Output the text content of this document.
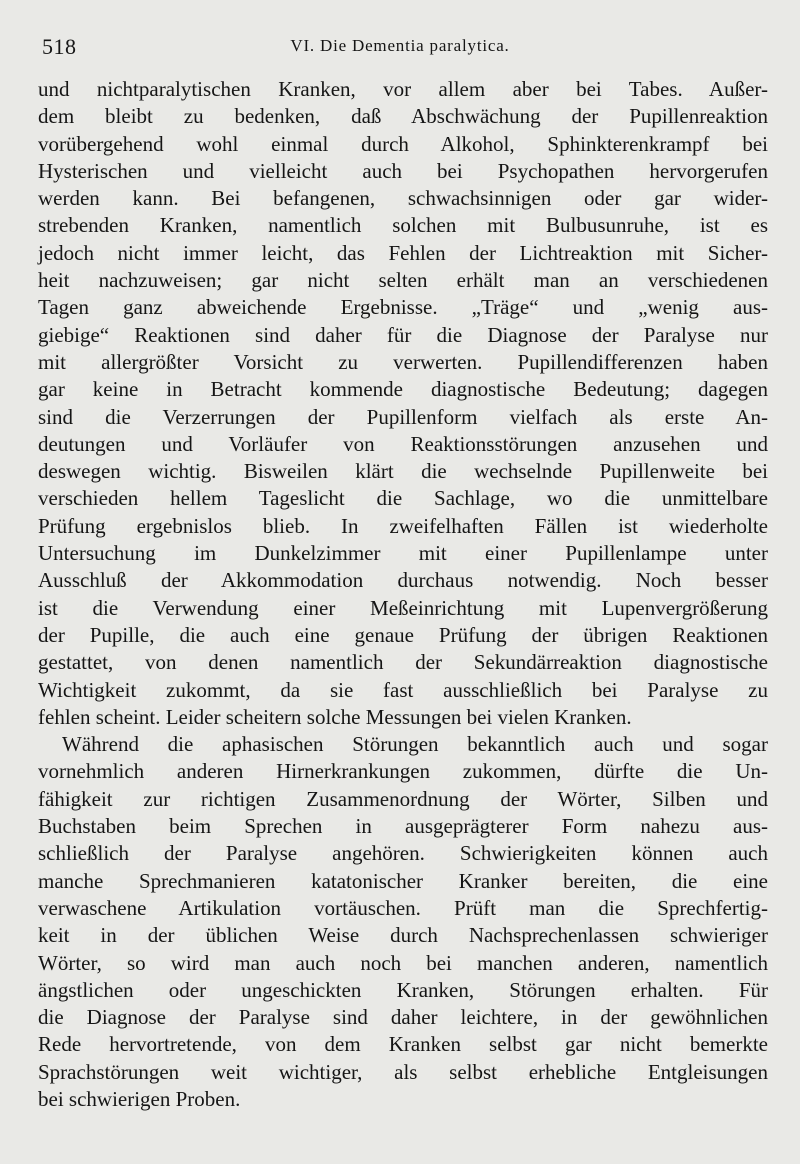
518	VI. Die Dementia paralytica.
und nichtparalytischen Kranken, vor allem aber bei Tabes. Außer-
dem bleibt zu bedenken, daß Abschwächung der Pupillenreaktion
vorübergehend wohl einmal durch Alkohol, Sphinkterenkrampf bei
Hysterischen und vielleicht auch bei Psychopathen hervorgerufen
werden kann. Bei befangenen, schwachsinnigen oder gar wider-
strebenden Kranken, namentlich solchen mit Bulbusunruhe, ist es
jedoch nicht immer leicht, das Fehlen der Lichtreaktion mit Sicher-
heit nachzuweisen; gar nicht selten erhält man an verschiedenen
Tagen ganz abweichende Ergebnisse. „Träge“ und „wenig aus-
giebige“ Reaktionen sind daher für die Diagnose der Paralyse nur
mit allergrößter Vorsicht zu verwerten. Pupillendifferenzen haben
gar keine in Betracht kommende diagnostische Bedeutung; dagegen
sind die Verzerrungen der Pupillenform vielfach als erste An-
deutungen und Vorläufer von Reaktionsstörungen anzusehen und
deswegen wichtig. Bisweilen klärt die wechselnde Pupillenweite bei
verschieden hellem Tageslicht die Sachlage, wo die unmittelbare
Prüfung ergebnislos blieb. In zweifelhaften Fällen ist wiederholte
Untersuchung im Dunkelzimmer mit einer Pupillenlampe unter
Ausschluß der Akkommodation durchaus notwendig. Noch besser
ist die Verwendung einer Meßeinrichtung mit Lupenvergrößerung
der Pupille, die auch eine genaue Prüfung der übrigen Reaktionen
gestattet, von denen namentlich der Sekundärreaktion diagnostische
Wichtigkeit zukommt, da sie fast ausschließlich bei Paralyse zu
fehlen scheint. Leider scheitern solche Messungen bei vielen Kranken.
Während die aphasischen Störungen bekanntlich auch und sogar
vornehmlich anderen Hirnerkrankungen zukommen, dürfte die Un-
fähigkeit zur richtigen Zusammenordnung der Wörter, Silben und
Buchstaben beim Sprechen in ausgeprägterer Form nahezu aus-
schließlich der Paralyse angehören. Schwierigkeiten können auch
manche Sprechmanieren katatonischer Kranker bereiten, die eine
verwaschene Artikulation vortäuschen. Prüft man die Sprechfertig-
keit in der üblichen Weise durch Nachsprechenlassen schwieriger
Wörter, so wird man auch noch bei manchen anderen, namentlich
ängstlichen oder ungeschickten Kranken, Störungen erhalten. Für
die Diagnose der Paralyse sind daher leichtere, in der gewöhnlichen
Rede hervortretende, von dem Kranken selbst gar nicht bemerkte
Sprachstörungen weit wichtiger, als selbst erhebliche Entgleisungen
bei schwierigen Proben.
